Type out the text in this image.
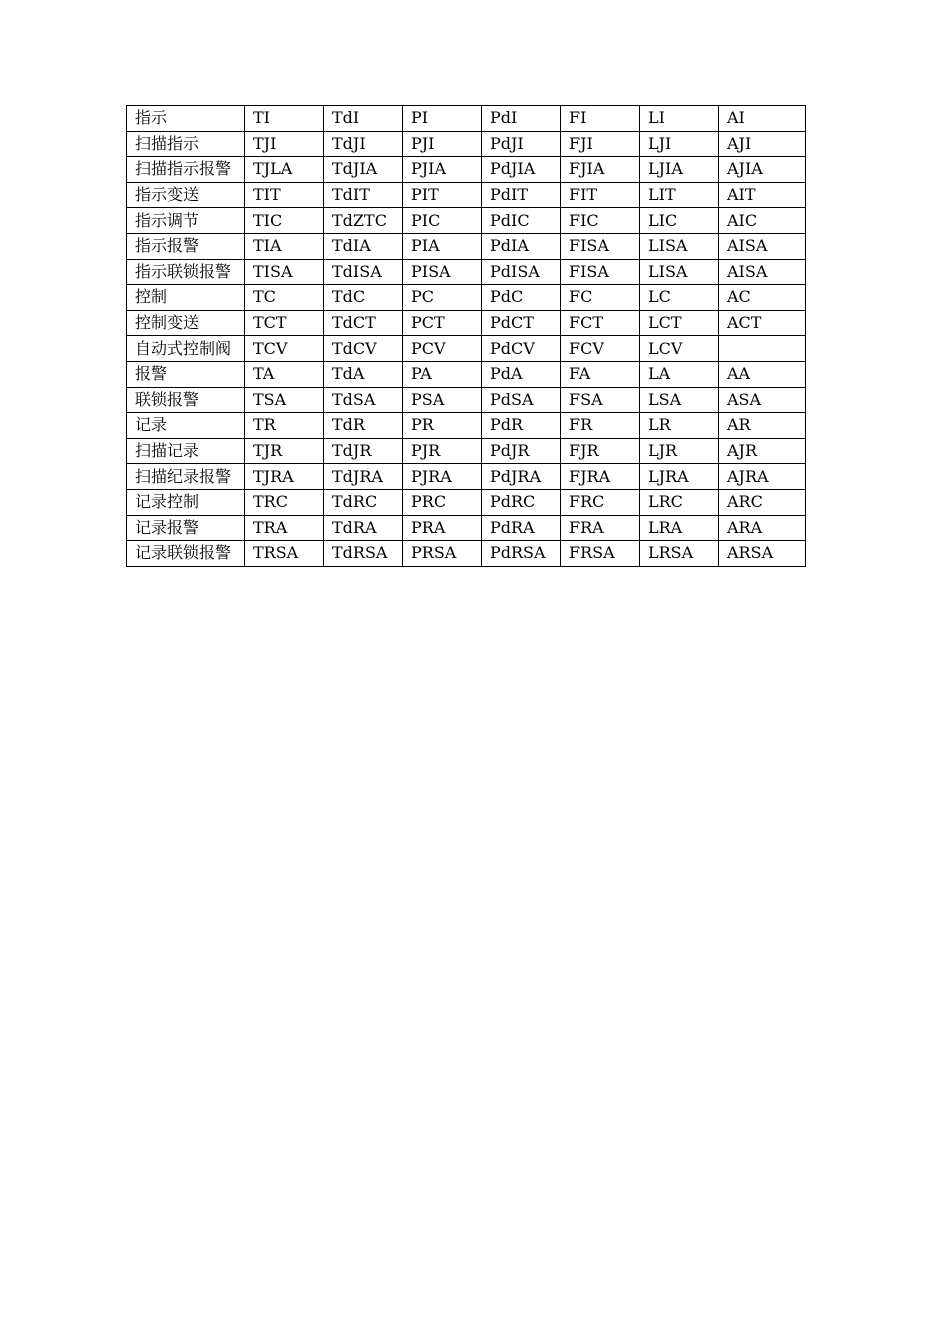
指示	TI	TdI	PI	PdI	FI	LI	AI
扫描指示	TJI	TdJI	PJI	PdJI	FJI	LJI	AJI
扫描指示报警	TJLA	TdJIA	PJIA	PdJIA	FJIA	LJIA	AJIA
指示变送	TIT	TdIT	PIT	PdIT	FIT	LIT	AIT
指示调节	TIC	TdZTC	PIC	PdIC	FIC	LIC	AIC
指示报警	TIA	TdIA	PIA	PdIA	FISA	LISA	AISA
指示联锁报警	TISA	TdISA	PISA	PdISA	FISA	LISA	AISA
控制	TC	TdC	PC	PdC	FC	LC	AC
控制变送	TCT	TdCT	PCT	PdCT	FCT	LCT	ACT
自动式控制阀	TCV	TdCV	PCV	PdCV	FCV	LCV	
报警	TA	TdA	PA	PdA	FA	LA	AA
联锁报警	TSA	TdSA	PSA	PdSA	FSA	LSA	ASA
记录	TR	TdR	PR	PdR	FR	LR	AR
扫描记录	TJR	TdJR	PJR	PdJR	FJR	LJR	AJR
扫描纪录报警	TJRA	TdJRA	PJRA	PdJRA	FJRA	LJRA	AJRA
记录控制	TRC	TdRC	PRC	PdRC	FRC	LRC	ARC
记录报警	TRA	TdRA	PRA	PdRA	FRA	LRA	ARA
记录联锁报警	TRSA	TdRSA	PRSA	PdRSA	FRSA	LRSA	ARSA
